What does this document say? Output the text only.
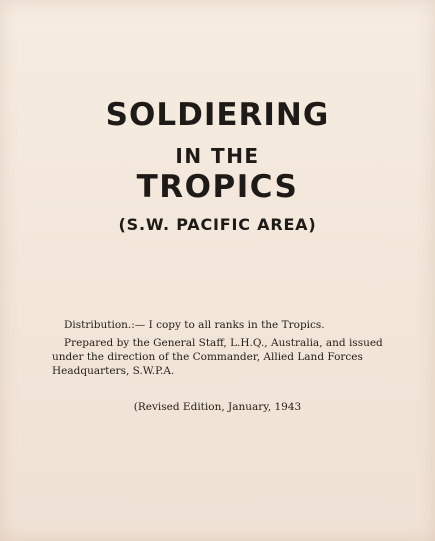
SOLDIERING
IN THE
TROPICS
(S.W. PACIFIC AREA)
Distribution.:— I copy to all ranks in the Tropics.

Prepared by the General Staff, L.H.Q., Australia, and issued

under the direction of the Commander, Allied Land Forces

Headquarters, S.W.P.A.

(Revised Edition, January, 1943
